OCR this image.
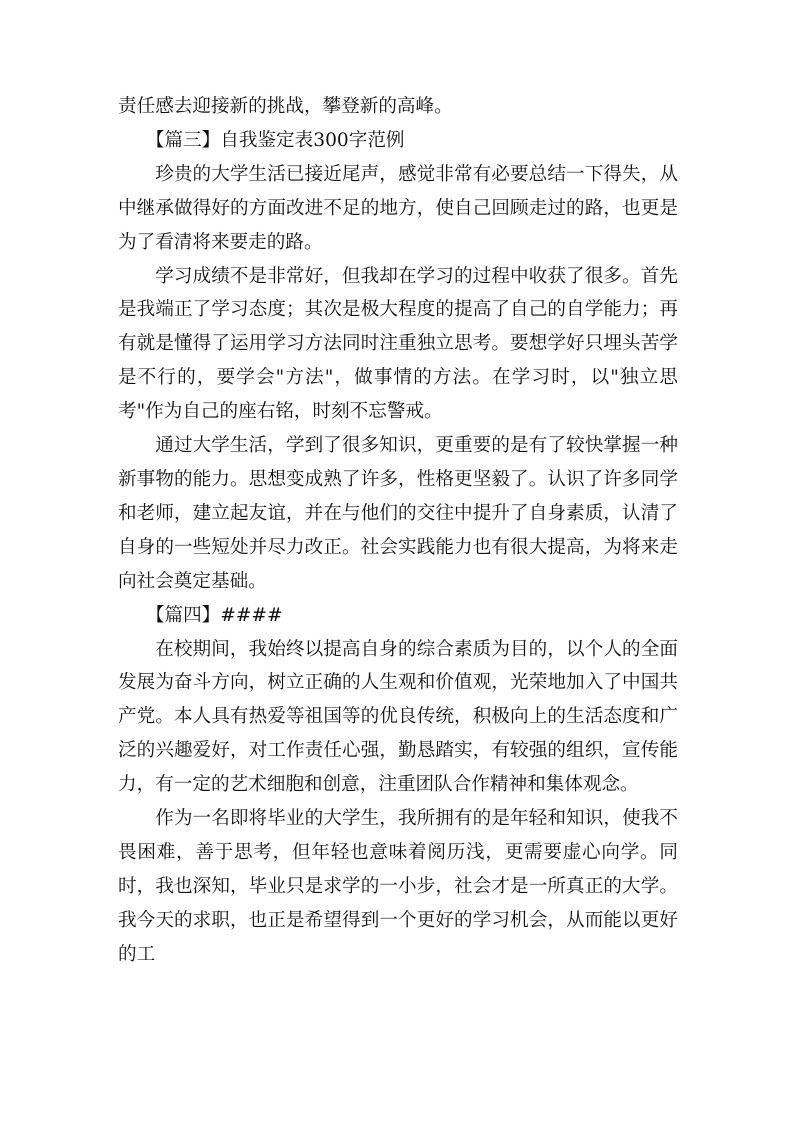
责任感去迎接新的挑战，攀登新的高峰。

【篇三】自我鉴定表300字范例

珍贵的大学生活已接近尾声，感觉非常有必要总结一下得失，从中继承做得好的方面改进不足的地方，使自己回顾走过的路，也更是为了看清将来要走的路。

学习成绩不是非常好，但我却在学习的过程中收获了很多。首先是我端正了学习态度；其次是极大程度的提高了自己的自学能力；再有就是懂得了运用学习方法同时注重独立思考。要想学好只埋头苦学是不行的，要学会"方法"，做事情的方法。在学习时，以"独立思考"作为自己的座右铭，时刻不忘警戒。

通过大学生活，学到了很多知识，更重要的是有了较快掌握一种新事物的能力。思想变成熟了许多，性格更坚毅了。认识了许多同学和老师，建立起友谊，并在与他们的交往中提升了自身素质，认清了自身的一些短处并尽力改正。社会实践能力也有很大提高，为将来走向社会奠定基础。

【篇四】####

在校期间，我始终以提高自身的综合素质为目的，以个人的全面发展为奋斗方向，树立正确的人生观和价值观，光荣地加入了中国共产党。本人具有热爱等祖国等的优良传统，积极向上的生活态度和广泛的兴趣爱好，对工作责任心强，勤恳踏实，有较强的组织，宣传能力，有一定的艺术细胞和创意，注重团队合作精神和集体观念。

作为一名即将毕业的大学生，我所拥有的是年轻和知识，使我不畏困难，善于思考，但年轻也意味着阅历浅，更需要虚心向学。同时，我也深知，毕业只是求学的一小步，社会才是一所真正的大学。我今天的求职，也正是希望得到一个更好的学习机会，从而能以更好的工
